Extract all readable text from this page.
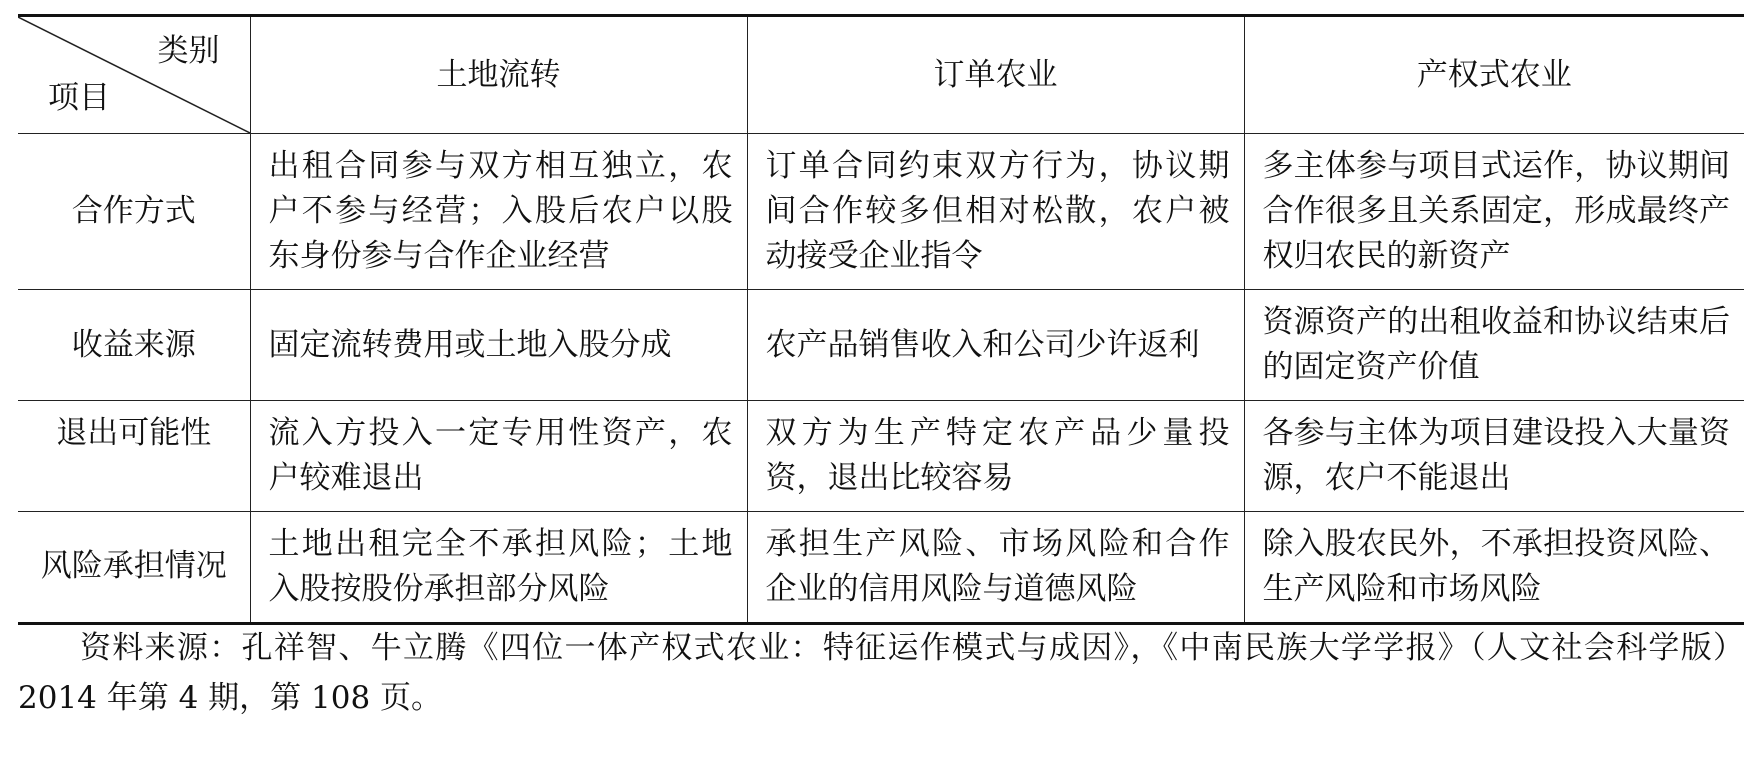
类别
项目	土地流转	订单农业	产权式农业
合作方式	出租合同参与双方相互独立，农户不参与经营；入股后农户以股东身份参与合作企业经营	订单合同约束双方行为，协议期间合作较多但相对松散，农户被动接受企业指令	多主体参与项目式运作，协议期间合作很多且关系固定，形成最终产权归农民的新资产
收益来源	固定流转费用或土地入股分成	农产品销售收入和公司少许返利	资源资产的出租收益和协议结束后的固定资产价值
退出可能性	流入方投入一定专用性资产，农户较难退出	双方为生产特定农产品少量投资，退出比较容易	各参与主体为项目建设投入大量资源，农户不能退出
风险承担情况	土地出租完全不承担风险；土地入股按股份承担部分风险	承担生产风险、市场风险和合作企业的信用风险与道德风险	除入股农民外，不承担投资风险、生产风险和市场风险

资料来源：孔祥智、牛立腾《四位一体产权式农业：特征运作模式与成因》，《中南民族大学学报》（人文社会科学版）2014 年第 4 期，第 108 页。
